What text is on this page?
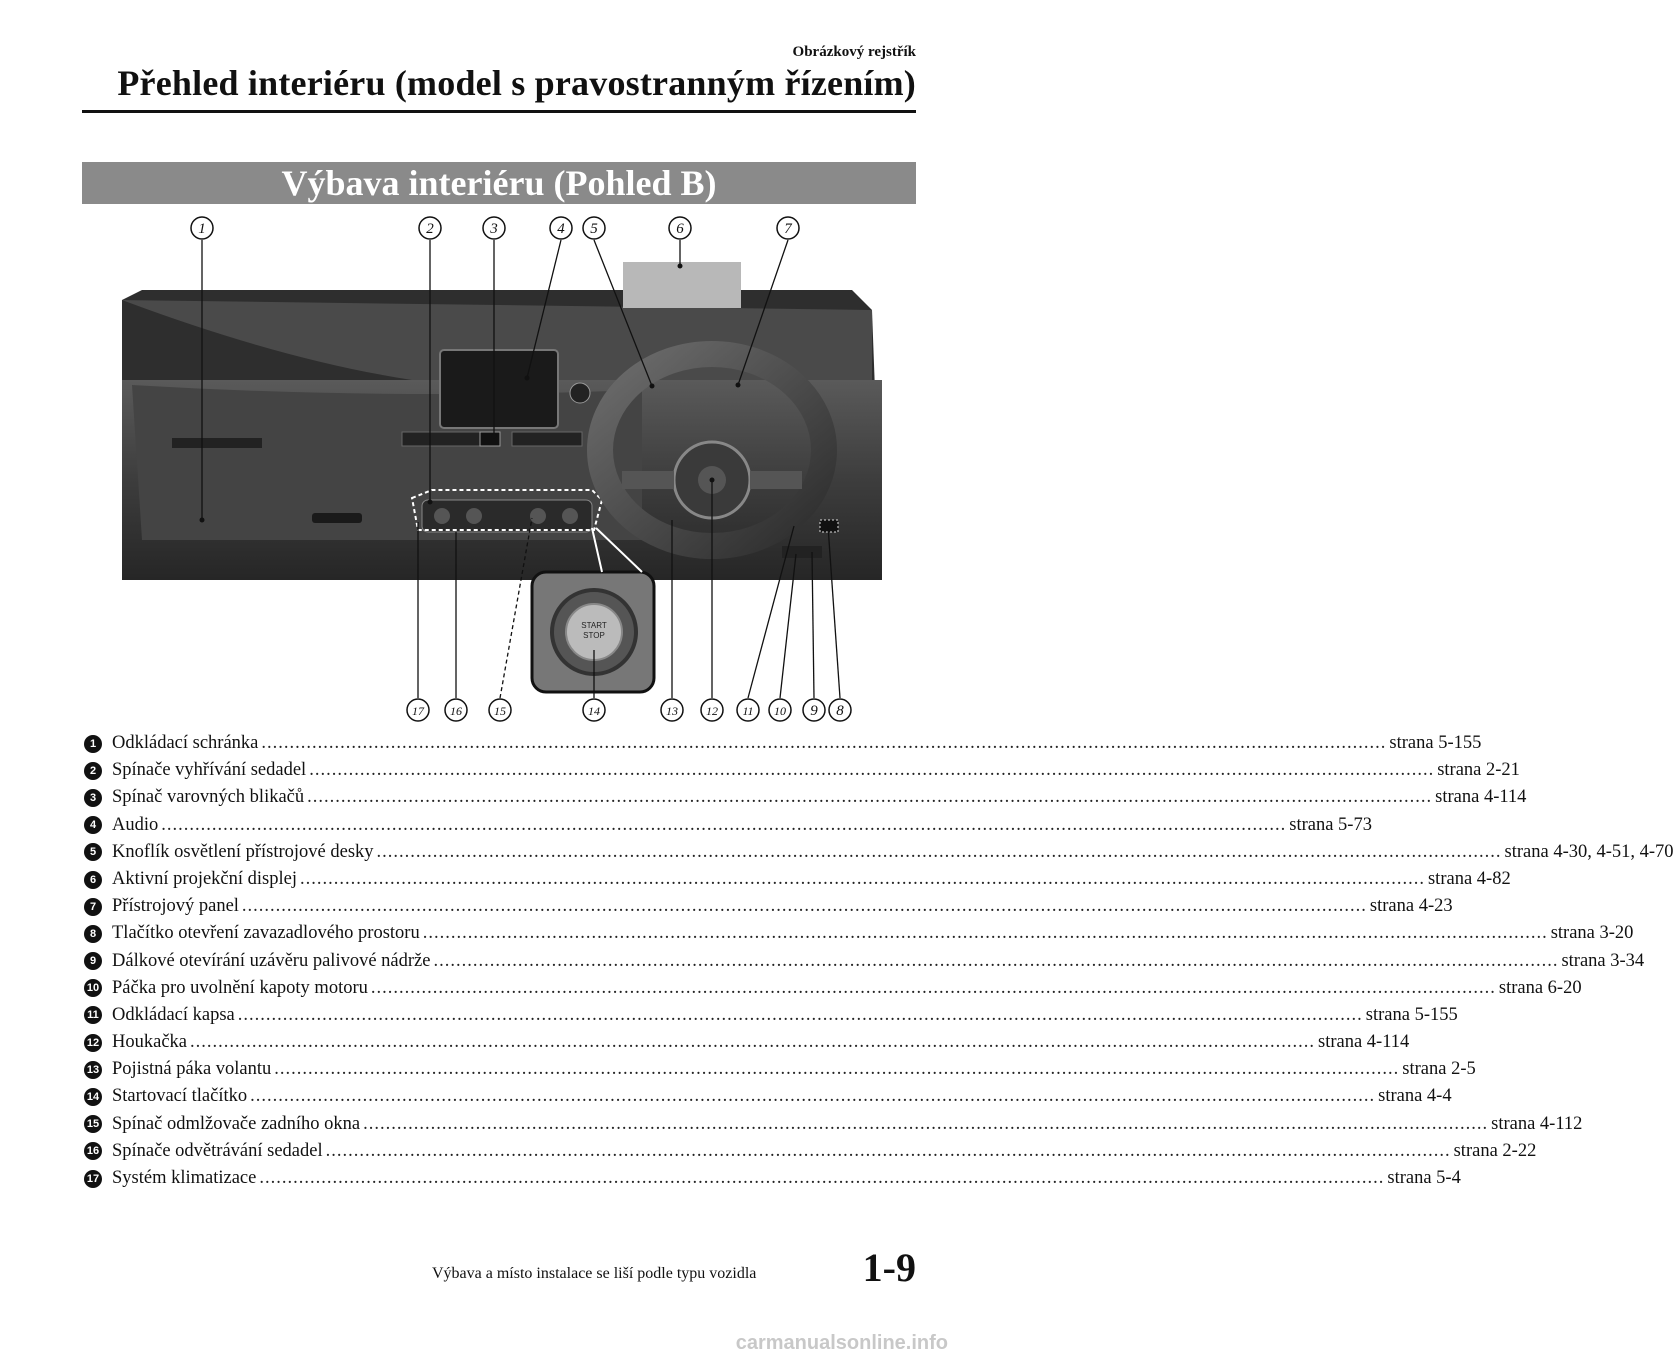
Obrázkový rejstřík
Přehled interiéru (model s pravostranným řízením)
Výbava interiéru (Pohled B)
START
STOP
1	2	3	4 5	6	7
8
9
10
11
12
13
14
15
16
17
1 Odkládací schránka ........................................................................................................................................................................................................ strana 5-155
2 Spínače vyhřívání sedadel ........................................................................................................................................................................................................ strana 2-21
3 Spínač varovných blikačů ........................................................................................................................................................................................................ strana 4-114
4 Audio ........................................................................................................................................................................................................ strana 5-73
5 Knoflík osvětlení přístrojové desky ........................................................................................................................................................................................................ strana 4-30, 4-51, 4-70
6 Aktivní projekční displej ........................................................................................................................................................................................................ strana 4-82
7 Přístrojový panel ........................................................................................................................................................................................................ strana 4-23
8 Tlačítko otevření zavazadlového prostoru ........................................................................................................................................................................................................ strana 3-20
9 Dálkové otevírání uzávěru palivové nádrže ........................................................................................................................................................................................................ strana 3-34
10 Páčka pro uvolnění kapoty motoru ........................................................................................................................................................................................................ strana 6-20
11 Odkládací kapsa ........................................................................................................................................................................................................ strana 5-155
12 Houkačka ........................................................................................................................................................................................................ strana 4-114
13 Pojistná páka volantu ........................................................................................................................................................................................................ strana 2-5
14 Startovací tlačítko ........................................................................................................................................................................................................ strana 4-4
15 Spínač odmlžovače zadního okna ........................................................................................................................................................................................................ strana 4-112
16 Spínače odvětrávání sedadel ........................................................................................................................................................................................................ strana 2-22
17 Systém klimatizace ........................................................................................................................................................................................................ strana 5-4
Výbava a místo instalace se liší podle typu vozidla	1-9
carmanualsonline.info
